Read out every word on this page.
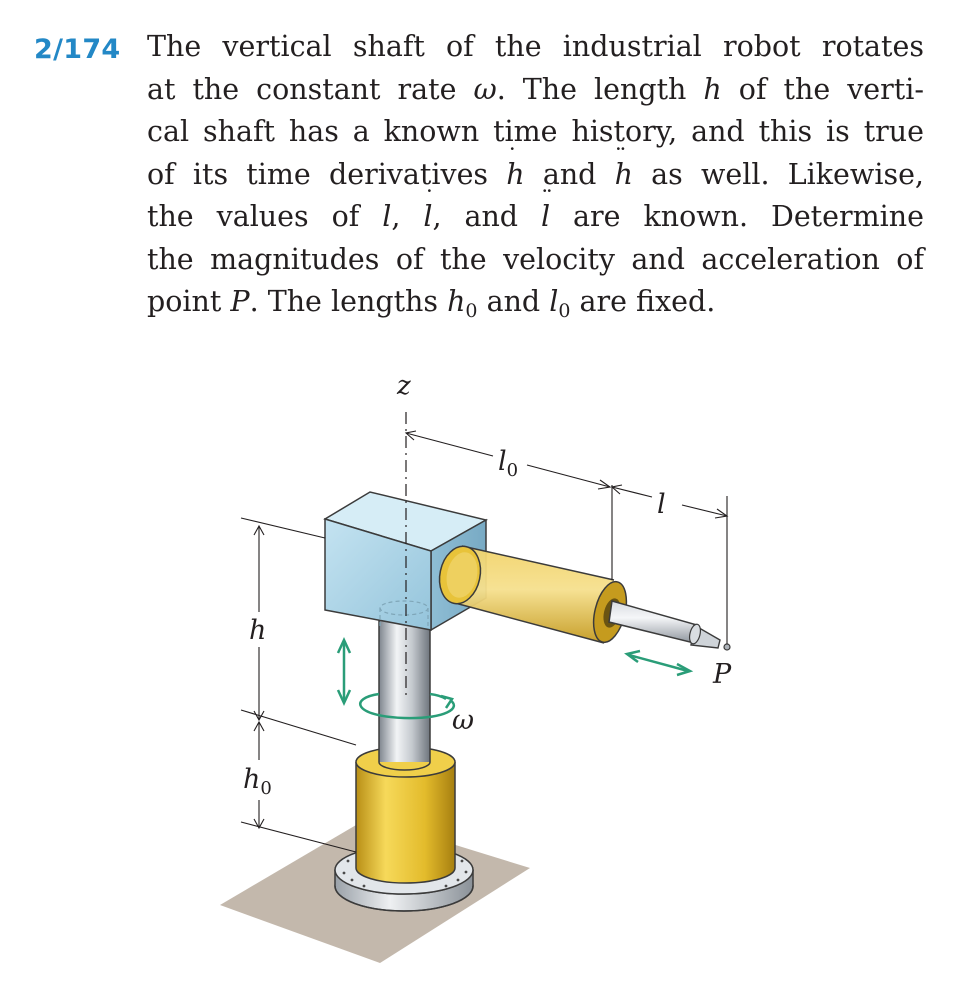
2/174 The vertical shaft of the industrial robot rotates
at the constant rate ω. The length h of the verti-
cal shaft has a known time history, and this is true
of its time derivatives ˙ h and ¨ h as well. Likewise,
the values of l, ˙ l, and ¨ l are known. Determine
the magnitudes of the velocity and acceleration of
point P. The lengths $h_0$ and $l_0$ are fixed.
z
$l_0$
l
h
$h_0$
ω
P
